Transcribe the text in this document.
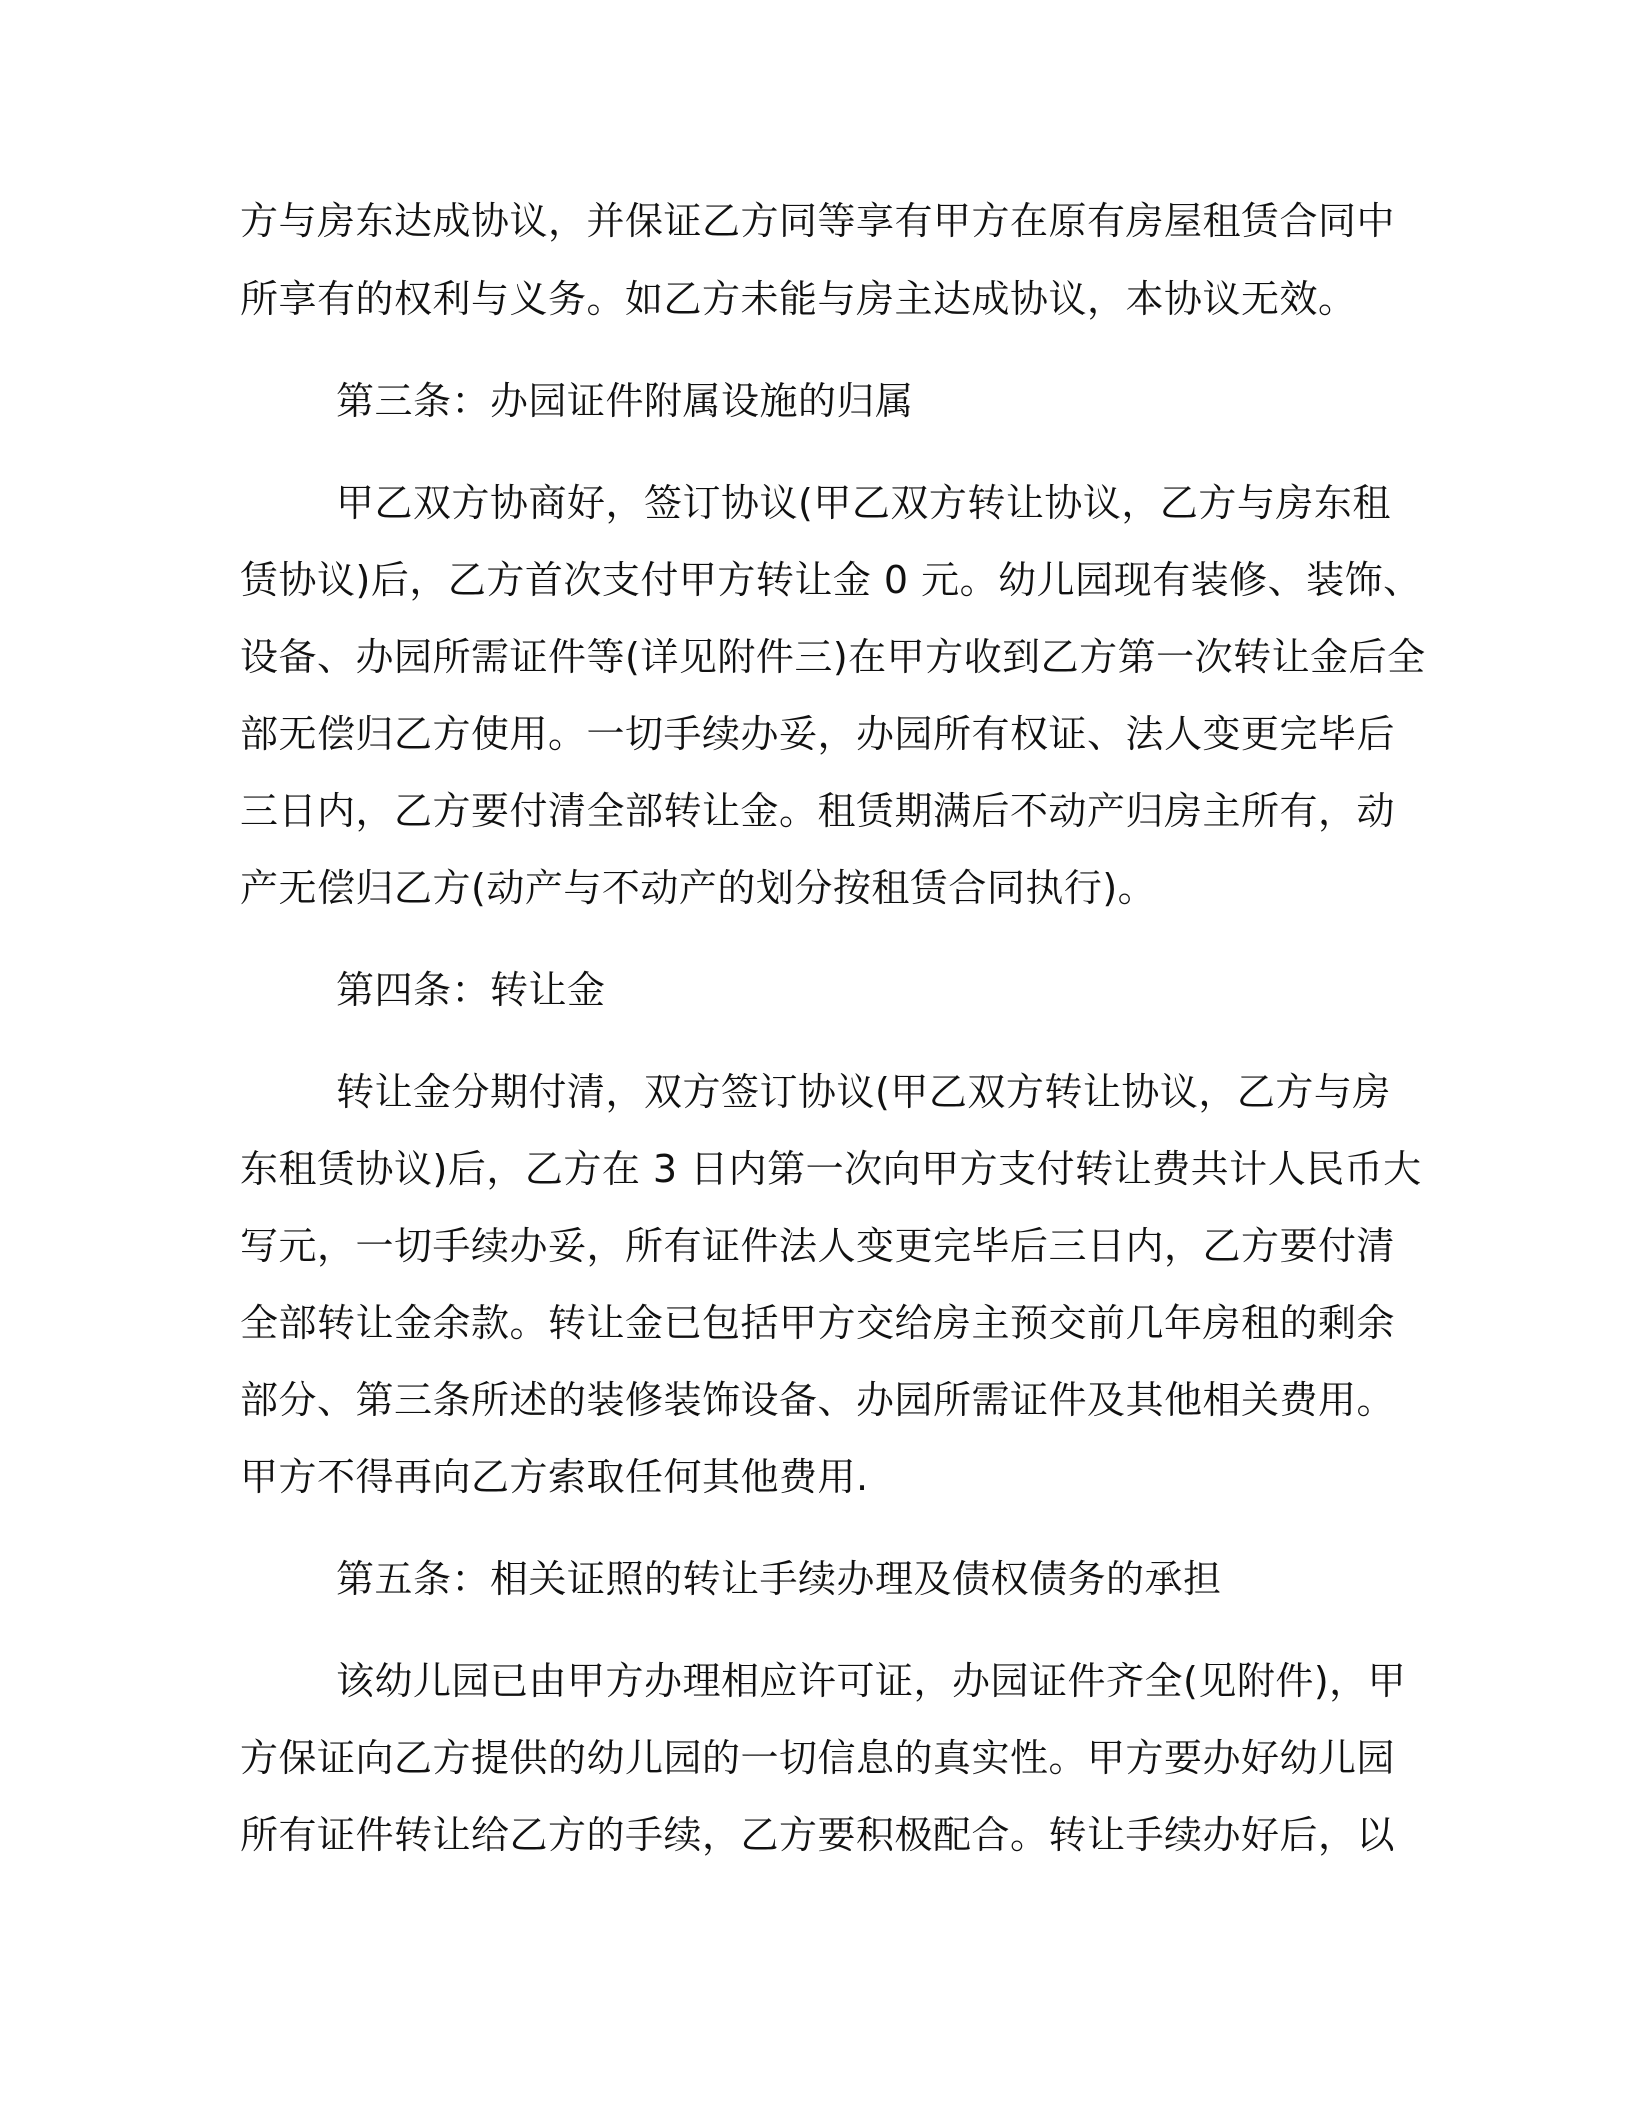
方与房东达成协议，并保证乙方同等享有甲方在原有房屋租赁合同中
所享有的权利与义务。如乙方未能与房主达成协议，本协议无效。
第三条：办园证件附属设施的归属
甲乙双方协商好，签订协议(甲乙双方转让协议，乙方与房东租
赁协议)后，乙方首次支付甲方转让金 0 元。幼儿园现有装修、装饰、
设备、办园所需证件等(详见附件三)在甲方收到乙方第一次转让金后全
部无偿归乙方使用。一切手续办妥，办园所有权证、法人变更完毕后
三日内，乙方要付清全部转让金。租赁期满后不动产归房主所有，动
产无偿归乙方(动产与不动产的划分按租赁合同执行)。
第四条：转让金
转让金分期付清，双方签订协议(甲乙双方转让协议，乙方与房
东租赁协议)后，乙方在 3 日内第一次向甲方支付转让费共计人民币大
写元，一切手续办妥，所有证件法人变更完毕后三日内，乙方要付清
全部转让金余款。转让金已包括甲方交给房主预交前几年房租的剩余
部分、第三条所述的装修装饰设备、办园所需证件及其他相关费用。
甲方不得再向乙方索取任何其他费用.
第五条：相关证照的转让手续办理及债权债务的承担
该幼儿园已由甲方办理相应许可证，办园证件齐全(见附件)，甲
方保证向乙方提供的幼儿园的一切信息的真实性。甲方要办好幼儿园
所有证件转让给乙方的手续，乙方要积极配合。转让手续办好后，以
